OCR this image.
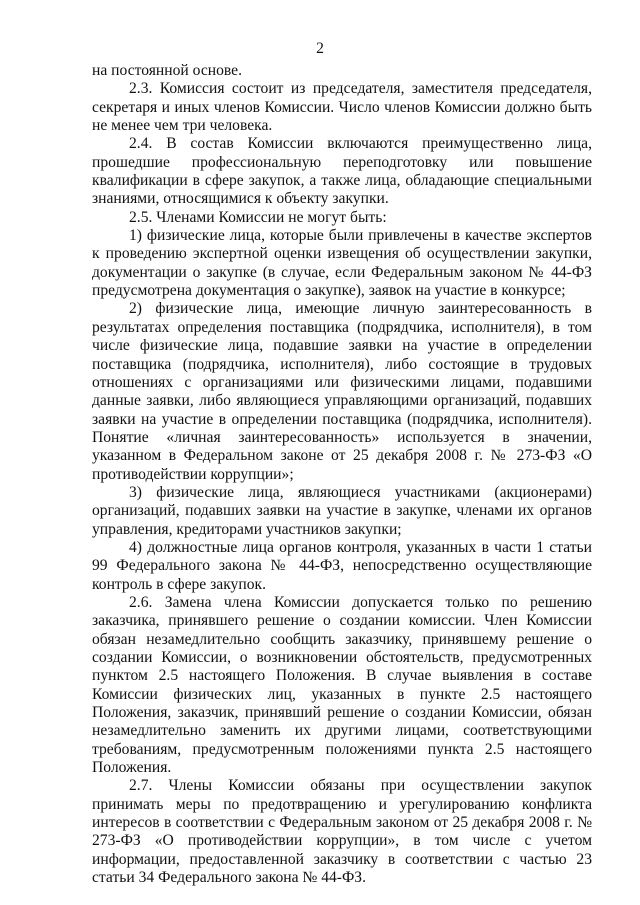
2

на постоянной основе.

2.3. Комиссия состоит из председателя, заместителя председателя, секретаря и иных членов Комиссии. Число членов Комиссии должно быть не менее чем три человека.

2.4. В состав Комиссии включаются преимущественно лица, прошедшие профессиональную переподготовку или повышение квалификации в сфере закупок, а также лица, обладающие специальными знаниями, относящимися к объекту закупки.

2.5. Членами Комиссии не могут быть:

1) физические лица, которые были привлечены в качестве экспертов к проведению экспертной оценки извещения об осуществлении закупки, документации о закупке (в случае, если Федеральным законом № 44-ФЗ предусмотрена документация о закупке), заявок на участие в конкурсе;

2) физические лица, имеющие личную заинтересованность в результатах определения поставщика (подрядчика, исполнителя), в том числе физические лица, подавшие заявки на участие в определении поставщика (подрядчика, исполнителя), либо состоящие в трудовых отношениях с организациями или физическими лицами, подавшими данные заявки, либо являющиеся управляющими организаций, подавших заявки на участие в определении поставщика (подрядчика, исполнителя). Понятие «личная заинтересованность» используется в значении, указанном в Федеральном законе от 25 декабря 2008 г. № 273-ФЗ «О противодействии коррупции»;

3) физические лица, являющиеся участниками (акционерами) организаций, подавших заявки на участие в закупке, членами их органов управления, кредиторами участников закупки;

4) должностные лица органов контроля, указанных в части 1 статьи 99 Федерального закона № 44-ФЗ, непосредственно осуществляющие контроль в сфере закупок.

2.6. Замена члена Комиссии допускается только по решению заказчика, принявшего решение о создании комиссии. Член Комиссии обязан незамедлительно сообщить заказчику, принявшему решение о создании Комиссии, о возникновении обстоятельств, предусмотренных пунктом 2.5 настоящего Положения. В случае выявления в составе Комиссии физических лиц, указанных в пункте 2.5 настоящего Положения, заказчик, принявший решение о создании Комиссии, обязан незамедлительно заменить их другими лицами, соответствующими требованиям, предусмотренным положениями пункта 2.5 настоящего Положения.

2.7. Члены Комиссии обязаны при осуществлении закупок принимать меры по предотвращению и урегулированию конфликта интересов в соответствии с Федеральным законом от 25 декабря 2008 г. № 273-ФЗ «О противодействии коррупции», в том числе с учетом информации, предоставленной заказчику в соответствии с частью 23 статьи 34 Федерального закона № 44-ФЗ.
